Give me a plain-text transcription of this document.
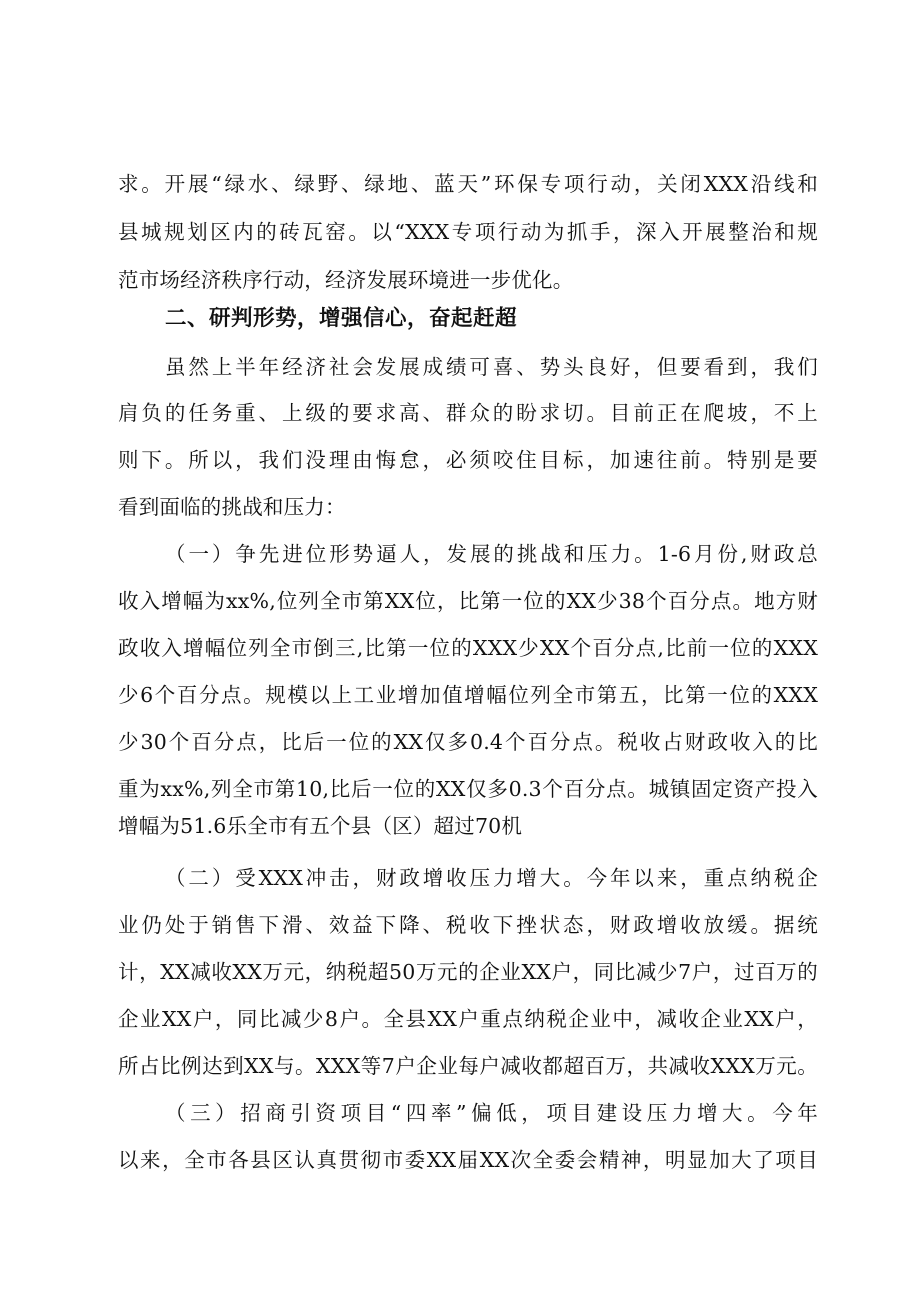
求。开展“绿水、绿野、绿地、蓝天”环保专项行动，关闭XXX沿线和
县城规划区内的砖瓦窑。以“XXX专项行动为抓手，深入开展整治和规
范市场经济秩序行动，经济发展环境进一步优化。
二、研判形势，增强信心，奋起赶超
虽然上半年经济社会发展成绩可喜、势头良好，但要看到，我们
肩负的任务重、上级的要求高、群众的盼求切。目前正在爬坡，不上
则下。所以，我们没理由悔怠，必须咬住目标，加速往前。特别是要
看到面临的挑战和压力：
（一）争先进位形势逼人，发展的挑战和压力。1-6月份,财政总
收入增幅为xx%,位列全市第XX位，比第一位的XX少38个百分点。地方财
政收入增幅位列全市倒三,比第一位的XXX少XX个百分点,比前一位的XXX
少6个百分点。规模以上工业增加值增幅位列全市第五，比第一位的XXX
少30个百分点，比后一位的XX仅多0.4个百分点。税收占财政收入的比
重为xx%,列全市第10,比后一位的XX仅多0.3个百分点。城镇固定资产投入
增幅为51.6乐全市有五个县（区）超过70机
（二）受XXX冲击，财政增收压力增大。今年以来，重点纳税企
业仍处于销售下滑、效益下降、税收下挫状态，财政增收放缓。据统
计，XX减收XX万元，纳税超50万元的企业XX户，同比减少7户，过百万的
企业XX户，同比减少8户。全县XX户重点纳税企业中，减收企业XX户，
所占比例达到XX与。XXX等7户企业每户减收都超百万，共减收XXX万元。
（三）招商引资项目“四率”偏低，项目建设压力增大。今年
以来，全市各县区认真贯彻市委XX届XX次全委会精神，明显加大了项目
